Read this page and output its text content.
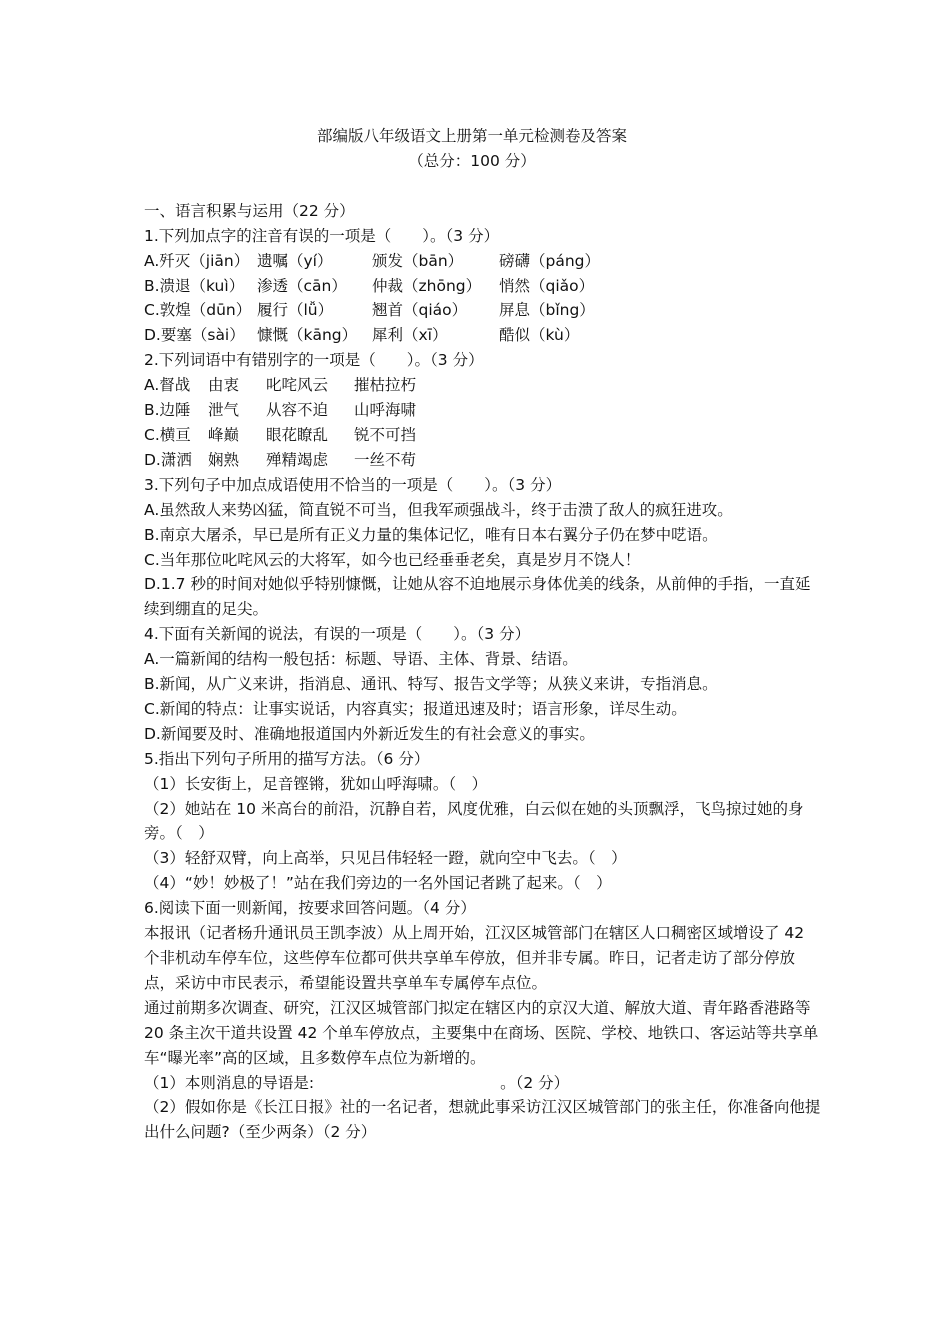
部编版八年级语文上册第一单元检测卷及答案
（总分：100 分）
一、语言积累与运用（22 分）
1.下列加点字的注音有误的一项是（　　）。（3 分）
A.歼灭（jiān） 遗嘱（yí）	颁发（bān）	磅礴（páng）
B.溃退（kuì） 渗透（cān）	仲裁（zhōng）	悄然（qiǎo）
C.敦煌（dūn） 履行（lǚ）	翘首（qiáo）	屏息（bǐng）
D.要塞（sài） 慷慨（kāng） 犀利（xī）	酷似（kù）
2.下列词语中有错别字的一项是（　　）。（3 分）
A.督战	由衷	叱咤风云	摧枯拉朽
B.边陲	泄气	从容不迫	山呼海啸
C.横亘	峰巅	眼花瞭乱	锐不可挡
D.潇洒	娴熟	殚精竭虑	一丝不苟
3.下列句子中加点成语使用不恰当的一项是（　　）。（3 分）
A.虽然敌人来势凶猛，简直锐不可当，但我军顽强战斗，终于击溃了敌人的疯狂进攻。
B.南京大屠杀，早已是所有正义力量的集体记忆，唯有日本右翼分子仍在梦中呓语。
C.当年那位叱咤风云的大将军，如今也已经垂垂老矣，真是岁月不饶人！
D.1.7 秒的时间对她似乎特别慷慨，让她从容不迫地展示身体优美的线条，从前伸的手指，一直延续到绷直的足尖。
4.下面有关新闻的说法，有误的一项是（　　）。（3 分）
A.一篇新闻的结构一般包括：标题、导语、主体、背景、结语。
B.新闻，从广义来讲，指消息、通讯、特写、报告文学等；从狭义来讲，专指消息。
C.新闻的特点：让事实说话，内容真实；报道迅速及时；语言形象，详尽生动。
D.新闻要及时、准确地报道国内外新近发生的有社会意义的事实。
5.指出下列句子所用的描写方法。（6 分）
（1）长安街上，足音铿锵，犹如山呼海啸。（　）
（2）她站在 10 米高台的前沿，沉静自若，风度优雅，白云似在她的头顶飘浮，飞鸟掠过她的身旁。（　）
（3）轻舒双臂，向上高举，只见吕伟轻轻一蹬，就向空中飞去。（　）
（4）“妙！妙极了！”站在我们旁边的一名外国记者跳了起来。（　）
6.阅读下面一则新闻，按要求回答问题。（4 分）
本报讯（记者杨升通讯员王凯李波）从上周开始，江汉区城管部门在辖区人口稠密区域增设了 42 个非机动车停车位，这些停车位都可供共享单车停放，但并非专属。昨日，记者走访了部分停放点，采访中市民表示，希望能设置共享单车专属停车点位。
通过前期多次调查、研究，江汉区城管部门拟定在辖区内的京汉大道、解放大道、青年路香港路等 20 条主次干道共设置 42 个单车停放点，主要集中在商场、医院、学校、地铁口、客运站等共享单车“曝光率”高的区域，且多数停车点位为新增的。
（1）本则消息的导语是:　　　　　　　　　　　　。（2 分）
（2）假如你是《长江日报》社的一名记者，想就此事采访江汉区城管部门的张主任，你准备向他提出什么问题?（至少两条）（2 分）
